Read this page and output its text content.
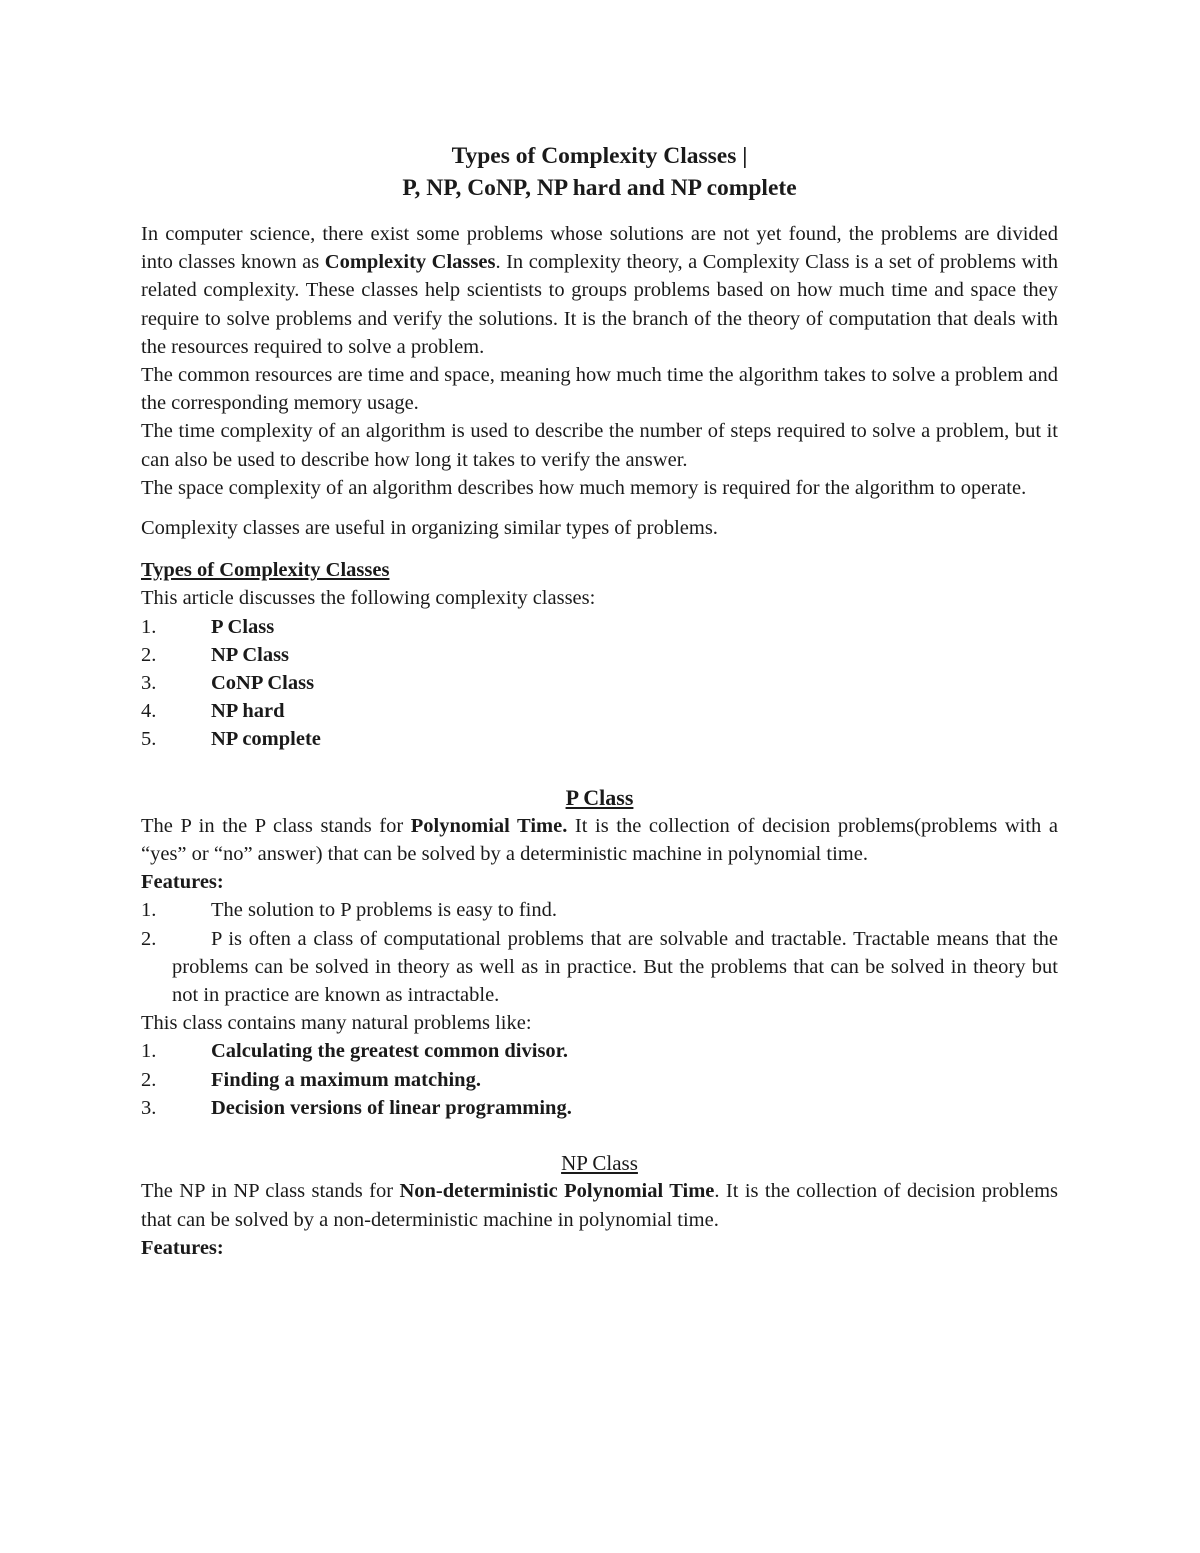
Types of Complexity Classes |
P, NP, CoNP, NP hard and NP complete

In computer science, there exist some problems whose solutions are not yet found, the problems are divided into classes known as Complexity Classes. In complexity theory, a Complexity Class is a set of problems with related complexity. These classes help scientists to groups problems based on how much time and space they require to solve problems and verify the solutions. It is the branch of the theory of computation that deals with the resources required to solve a problem.

The common resources are time and space, meaning how much time the algorithm takes to solve a problem and the corresponding memory usage.

The time complexity of an algorithm is used to describe the number of steps required to solve a problem, but it can also be used to describe how long it takes to verify the answer.

The space complexity of an algorithm describes how much memory is required for the algorithm to operate.

Complexity classes are useful in organizing similar types of problems.

Types of Complexity Classes

This article discusses the following complexity classes:

1.	P Class
2.	NP Class
3.	CoNP Class
4.	NP hard
5.	NP complete

P Class

The P in the P class stands for Polynomial Time. It is the collection of decision problems(problems with a “yes” or “no” answer) that can be solved by a deterministic machine in polynomial time.

Features:

1.	The solution to P problems is easy to find.
2.	P is often a class of computational problems that are solvable and tractable. Tractable means that the problems can be solved in theory as well as in practice. But the problems that can be solved in theory but not in practice are known as intractable.

This class contains many natural problems like:

1.	Calculating the greatest common divisor.
2.	Finding a maximum matching.
3.	Decision versions of linear programming.

NP Class

The NP in NP class stands for Non-deterministic Polynomial Time. It is the collection of decision problems that can be solved by a non-deterministic machine in polynomial time.

Features:
